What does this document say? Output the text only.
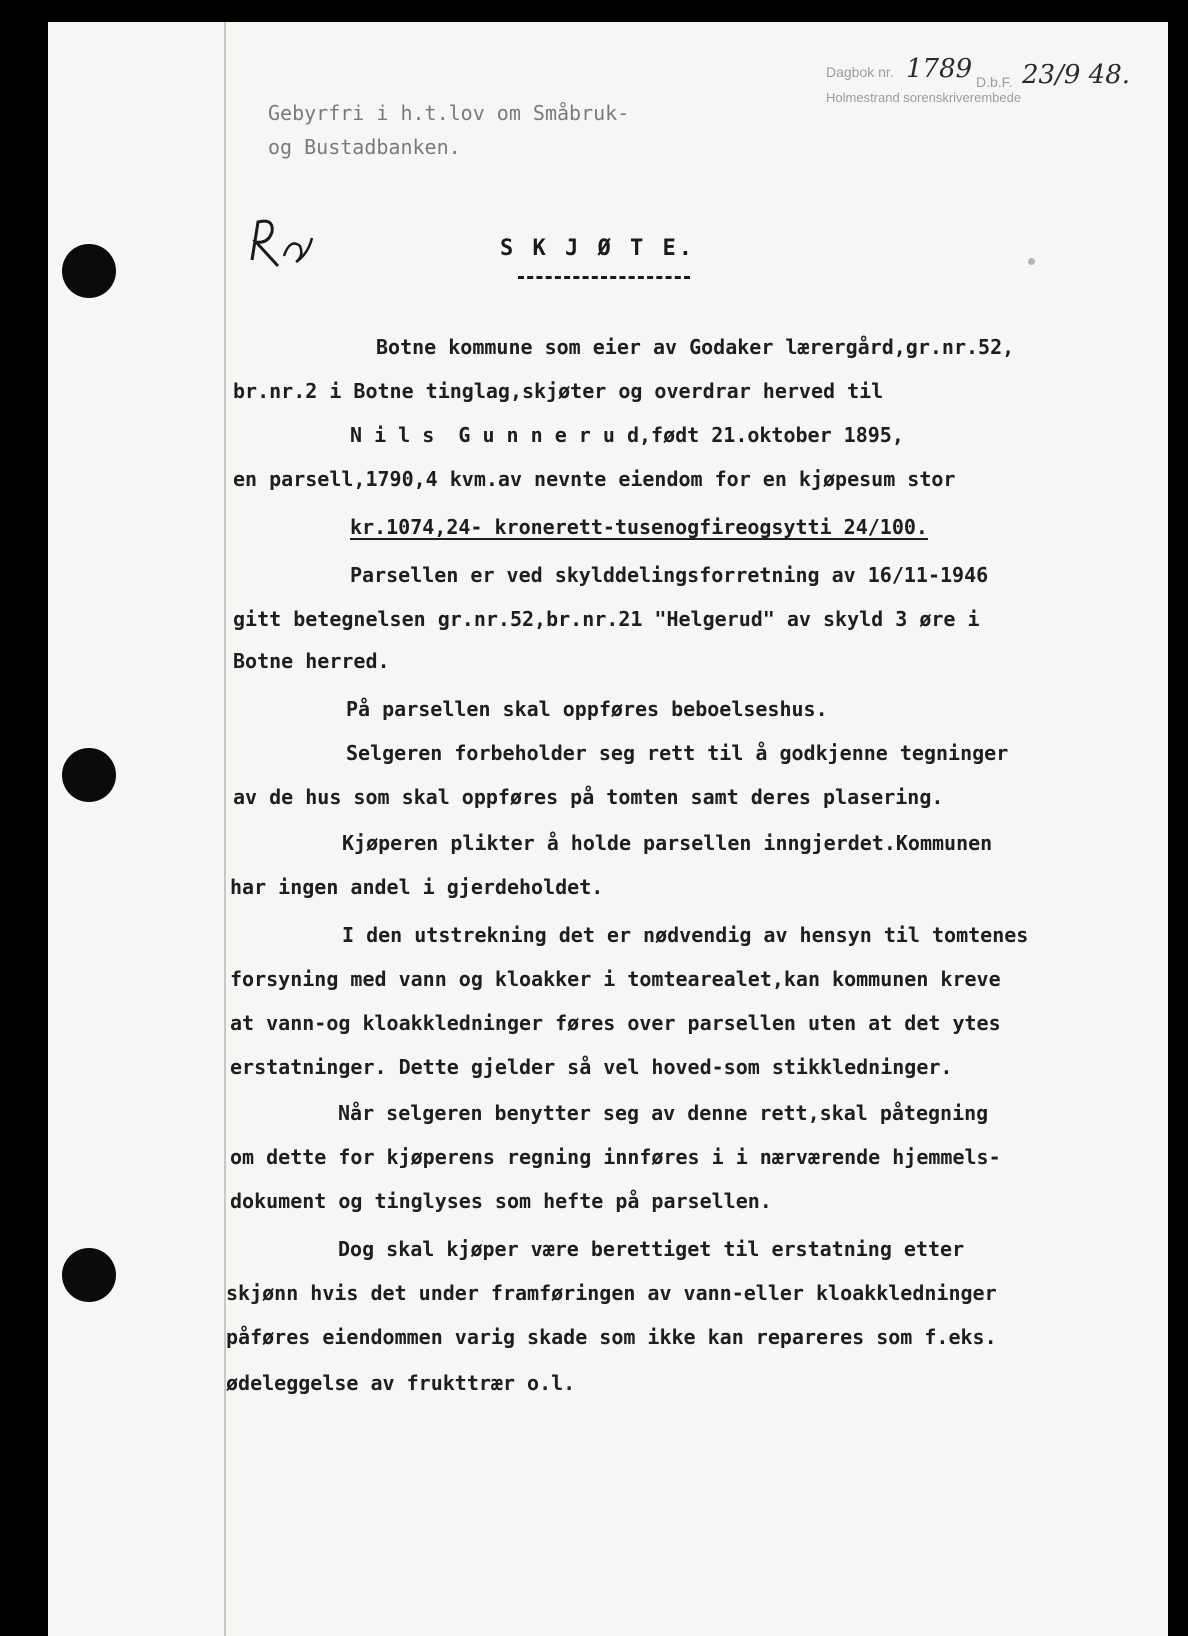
Dagbok nr. 1789 D.b.F. 23/9 48.
Holmestrand sorenskriverembede
Gebyrfri i h.t.lov om Småbruk-
og Bustadbanken.
S K J Ø T E.
Botne kommune som eier av Godaker lærergård,gr.nr.52,
br.nr.2 i Botne tinglag,skjøter og overdrar herved til
N i l s  G u n n e r u d,født 21.oktober 1895,
en parsell,1790,4 kvm.av nevnte eiendom for en kjøpesum stor
kr.1074,24- kronerett-tusenogfireogsytti 24/100.
Parsellen er ved skylddelingsforretning av 16/11-1946
gitt betegnelsen gr.nr.52,br.nr.21 "Helgerud" av skyld 3 øre i
Botne herred.
På parsellen skal oppføres beboelseshus.
Selgeren forbeholder seg rett til å godkjenne tegninger
av de hus som skal oppføres på tomten samt deres plasering.
Kjøperen plikter å holde parsellen inngjerdet.Kommunen
har ingen andel i gjerdeholdet.
I den utstrekning det er nødvendig av hensyn til tomtenes
forsyning med vann og kloakker i tomtearealet,kan kommunen kreve
at vann-og kloakkledninger føres over parsellen uten at det ytes
erstatninger. Dette gjelder så vel hoved-som stikkledninger.
Når selgeren benytter seg av denne rett,skal påtegning
om dette for kjøperens regning innføres i i nærværende hjemmels-
dokument og tinglyses som hefte på parsellen.
Dog skal kjøper være berettiget til erstatning etter
skjønn hvis det under framføringen av vann-eller kloakkledninger
påføres eiendommen varig skade som ikke kan repareres som f.eks.
ødeleggelse av frukttrær o.l.
